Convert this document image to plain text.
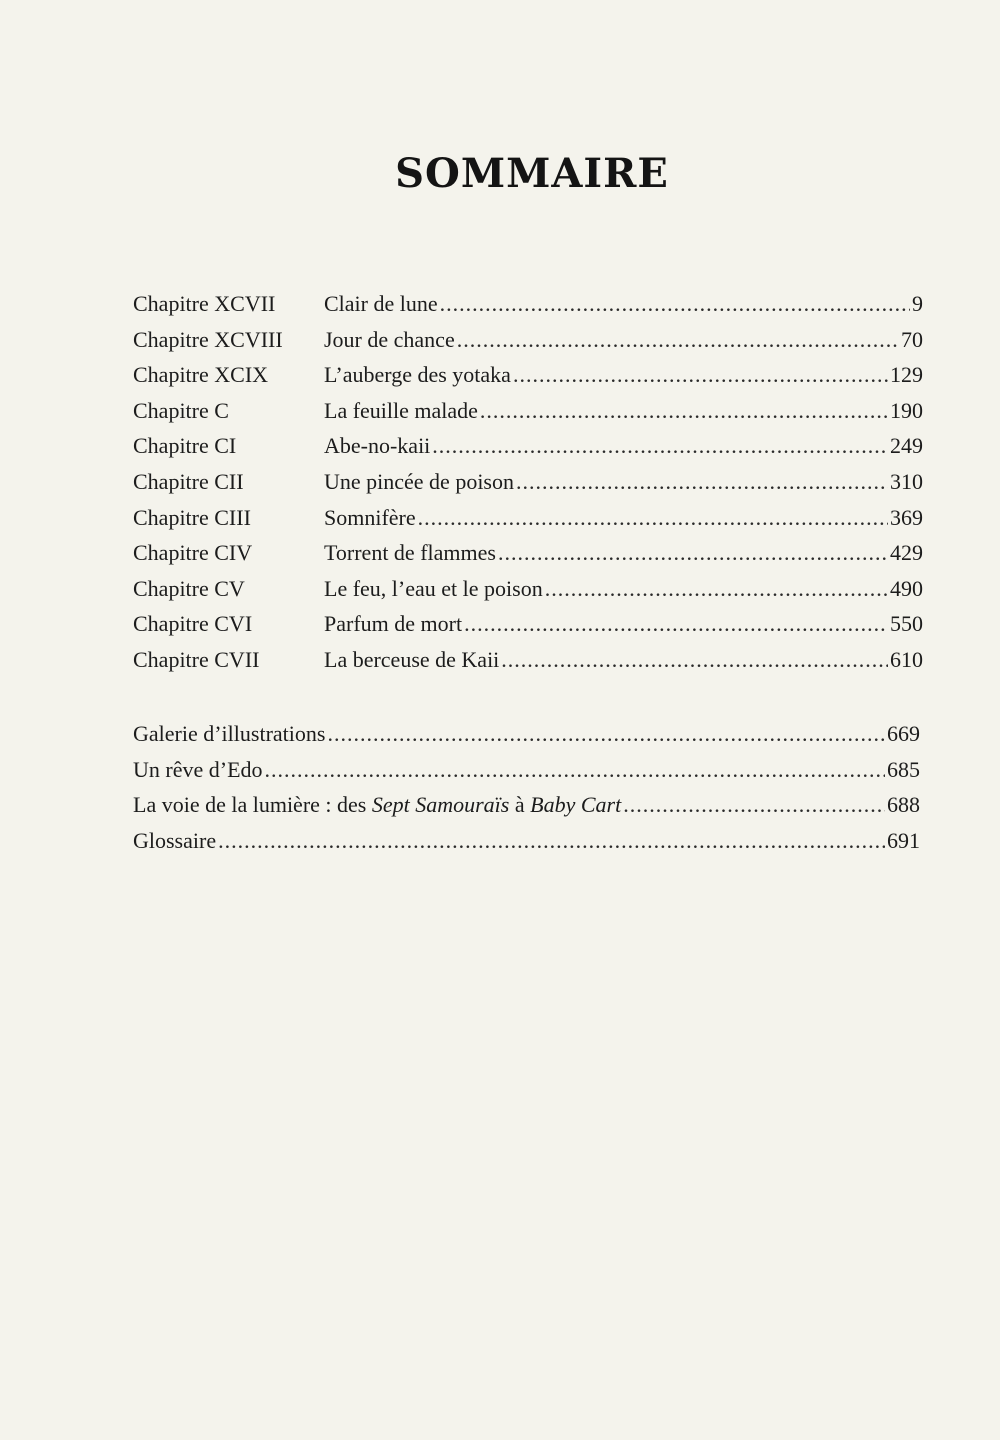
SOMMAIRE
Chapitre XCVII	Clair de lune .....	9
Chapitre XCVIII	Jour de chance .....	70
Chapitre XCIX	L’auberge des yotaka .....	129
Chapitre C	La feuille malade .....	190
Chapitre CI	Abe-no-kaii .....	249
Chapitre CII	Une pincée de poison .....	310
Chapitre CIII	Somnifère .....	369
Chapitre CIV	Torrent de flammes .....	429
Chapitre CV	Le feu, l’eau et le poison .....	490
Chapitre CVI	Parfum de mort .....	550
Chapitre CVII	La berceuse de Kaii .....	610
Galerie d’illustrations .....	669
Un rêve d’Edo .....	685
La voie de la lumière : des Sept Samouraïs à Baby Cart .....	688
Glossaire .....	691
